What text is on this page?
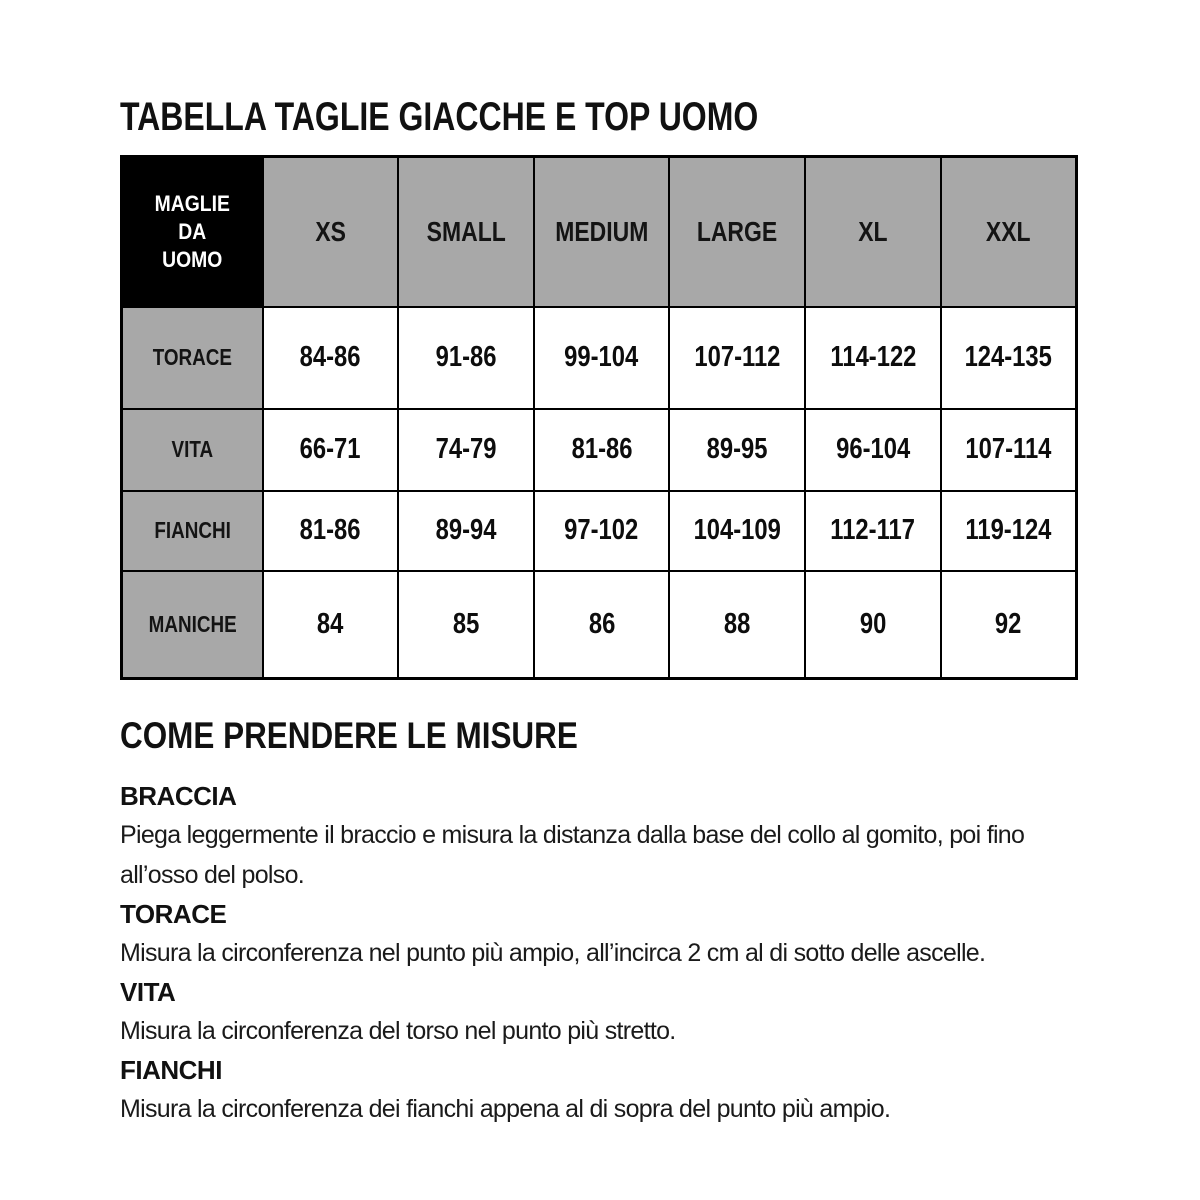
TABELLA TAGLIE GIACCHE E TOP UOMO
MAGLIE
DA
UOMO	XS	SMALL	MEDIUM	LARGE	XL	XXL
TORACE	84-86	91-86	99-104	107-112	114-122	124-135
VITA	66-71	74-79	81-86	89-95	96-104	107-114
FIANCHI	81-86	89-94	97-102	104-109	112-117	119-124
MANICHE	84	85	86	88	90	92
COME PRENDERE LE MISURE
BRACCIA

Piega leggermente il braccio e misura la distanza dalla base del collo al gomito, poi fino all’osso del polso.

TORACE

Misura la circonferenza nel punto più ampio, all’incirca 2 cm al di sotto delle ascelle.

VITA

Misura la circonferenza del torso nel punto più stretto.

FIANCHI

Misura la circonferenza dei fianchi appena al di sopra del punto più ampio.
